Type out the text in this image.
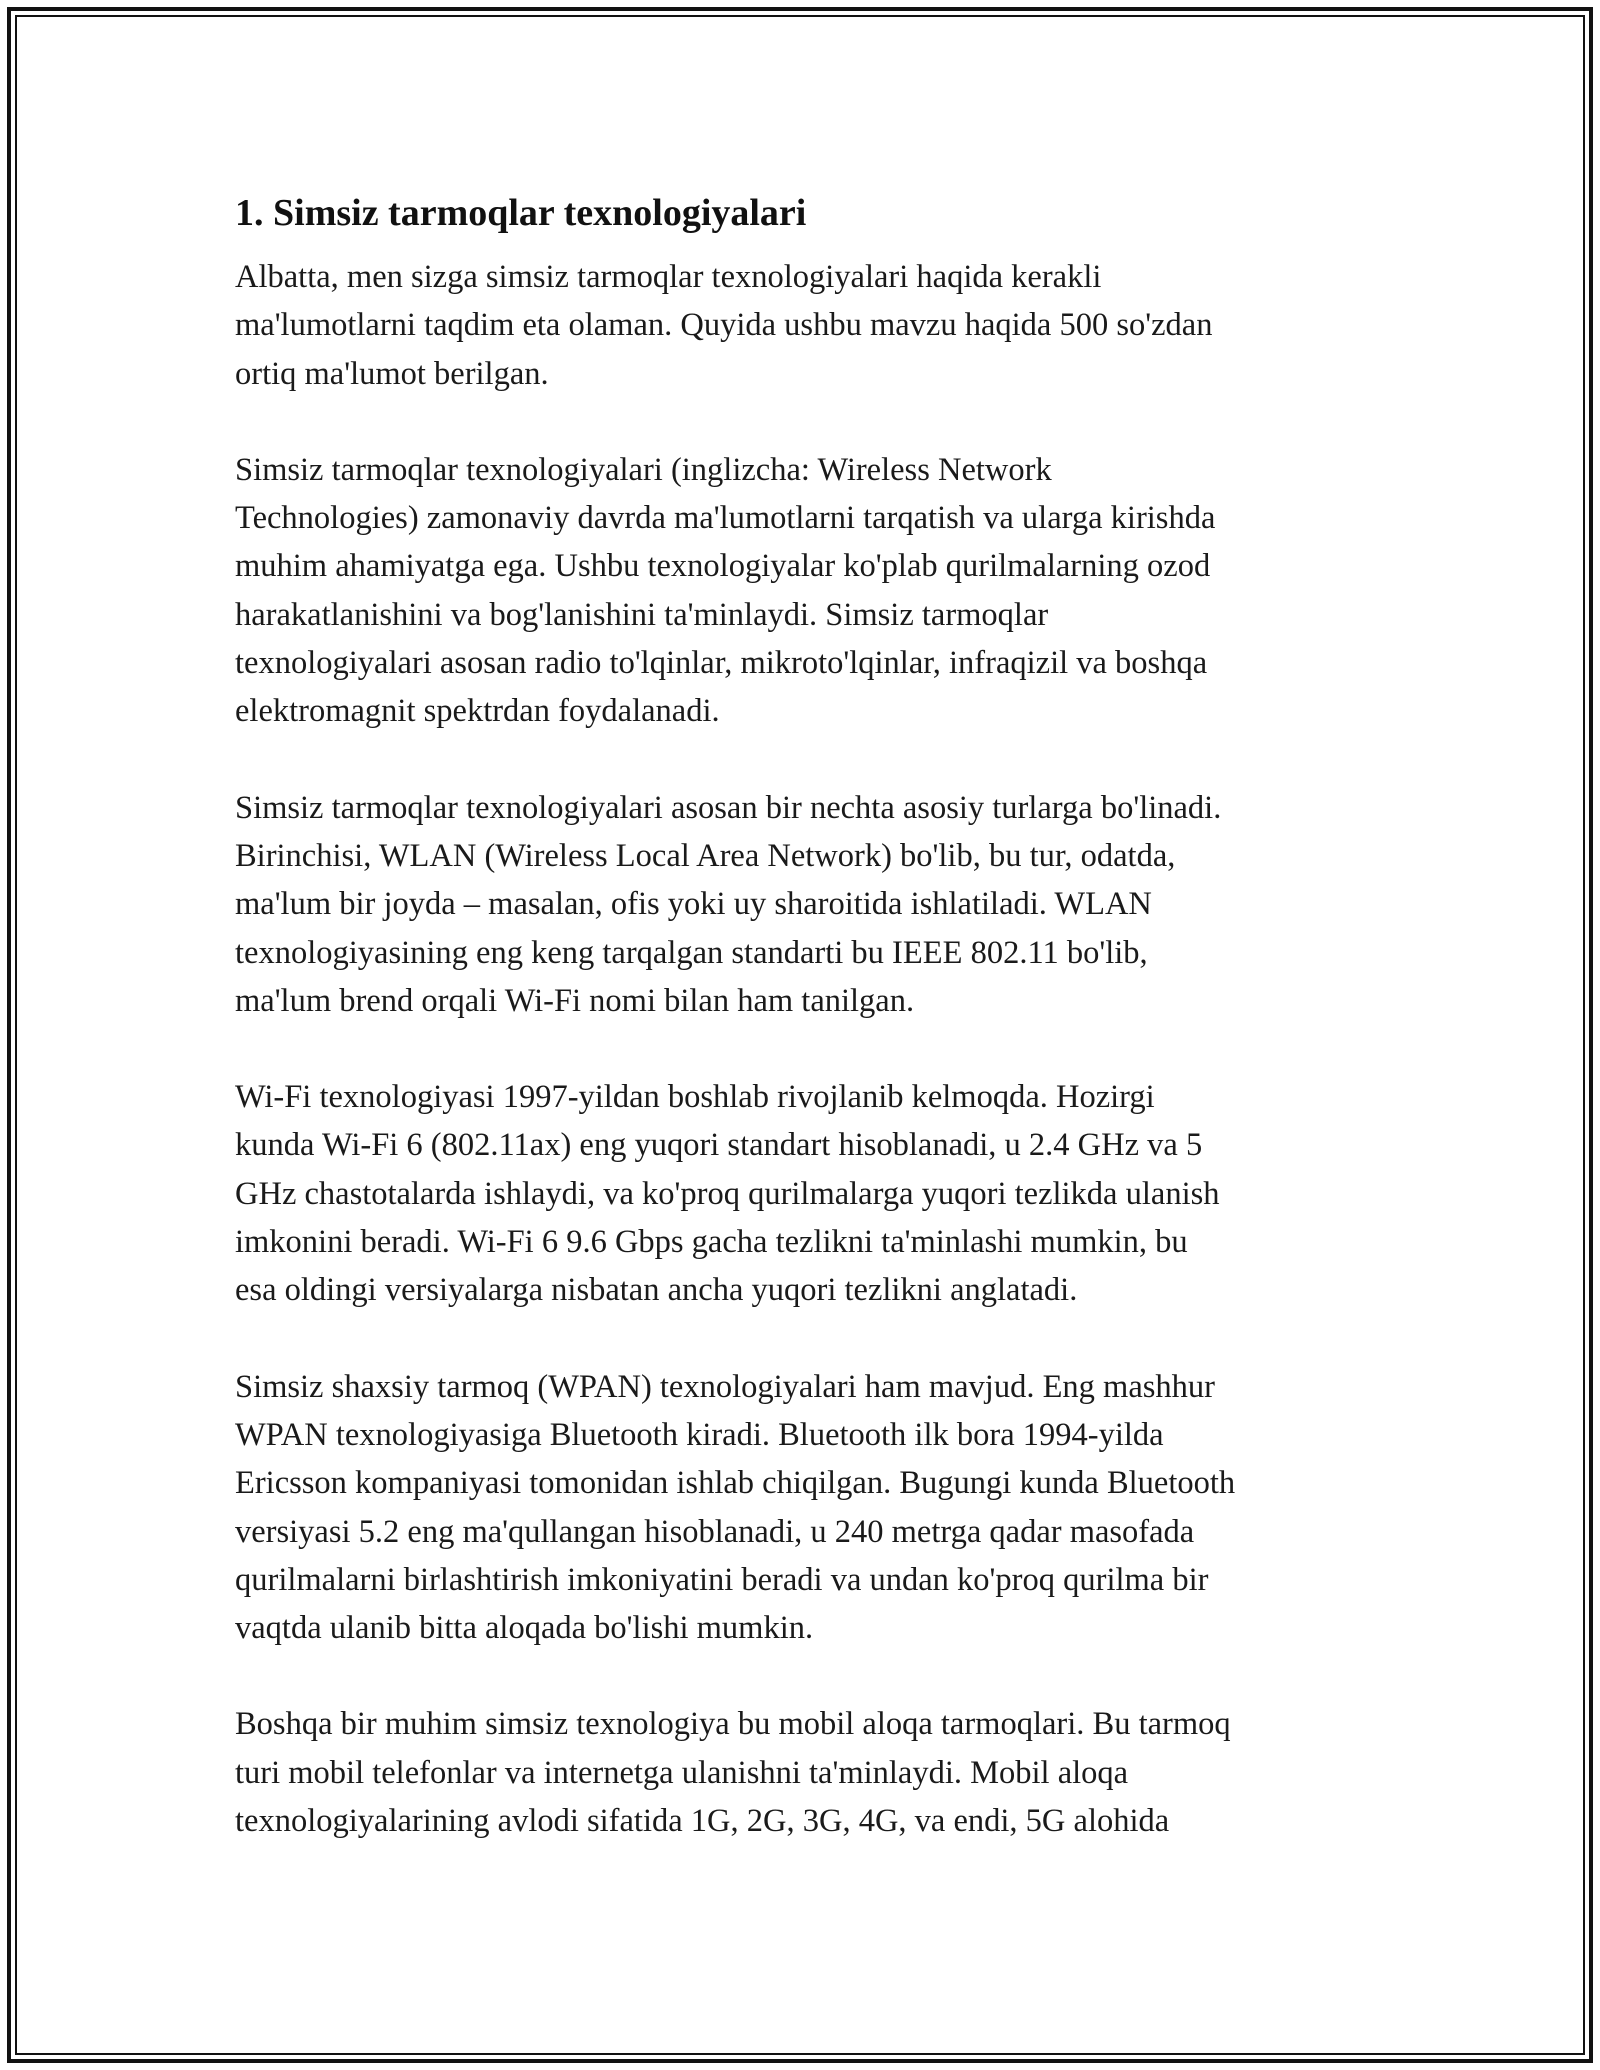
1. Simsiz tarmoqlar texnologiyalari

Albatta, men sizga simsiz tarmoqlar texnologiyalari haqida kerakli
ma'lumotlarni taqdim eta olaman. Quyida ushbu mavzu haqida 500 so'zdan
ortiq ma'lumot berilgan.

Simsiz tarmoqlar texnologiyalari (inglizcha: Wireless Network
Technologies) zamonaviy davrda ma'lumotlarni tarqatish va ularga kirishda
muhim ahamiyatga ega. Ushbu texnologiyalar ko'plab qurilmalarning ozod
harakatlanishini va bog'lanishini ta'minlaydi. Simsiz tarmoqlar
texnologiyalari asosan radio to'lqinlar, mikroto'lqinlar, infraqizil va boshqa
elektromagnit spektrdan foydalanadi.

Simsiz tarmoqlar texnologiyalari asosan bir nechta asosiy turlarga bo'linadi.
Birinchisi, WLAN (Wireless Local Area Network) bo'lib, bu tur, odatda,
ma'lum bir joyda – masalan, ofis yoki uy sharoitida ishlatiladi. WLAN
texnologiyasining eng keng tarqalgan standarti bu IEEE 802.11 bo'lib,
ma'lum brend orqali Wi-Fi nomi bilan ham tanilgan.

Wi-Fi texnologiyasi 1997-yildan boshlab rivojlanib kelmoqda. Hozirgi
kunda Wi-Fi 6 (802.11ax) eng yuqori standart hisoblanadi, u 2.4 GHz va 5
GHz chastotalarda ishlaydi, va ko'proq qurilmalarga yuqori tezlikda ulanish
imkonini beradi. Wi-Fi 6 9.6 Gbps gacha tezlikni ta'minlashi mumkin, bu
esa oldingi versiyalarga nisbatan ancha yuqori tezlikni anglatadi.

Simsiz shaxsiy tarmoq (WPAN) texnologiyalari ham mavjud. Eng mashhur
WPAN texnologiyasiga Bluetooth kiradi. Bluetooth ilk bora 1994-yilda
Ericsson kompaniyasi tomonidan ishlab chiqilgan. Bugungi kunda Bluetooth
versiyasi 5.2 eng ma'qullangan hisoblanadi, u 240 metrga qadar masofada
qurilmalarni birlashtirish imkoniyatini beradi va undan ko'proq qurilma bir
vaqtda ulanib bitta aloqada bo'lishi mumkin.

Boshqa bir muhim simsiz texnologiya bu mobil aloqa tarmoqlari. Bu tarmoq
turi mobil telefonlar va internetga ulanishni ta'minlaydi. Mobil aloqa
texnologiyalarining avlodi sifatida 1G, 2G, 3G, 4G, va endi, 5G alohida
